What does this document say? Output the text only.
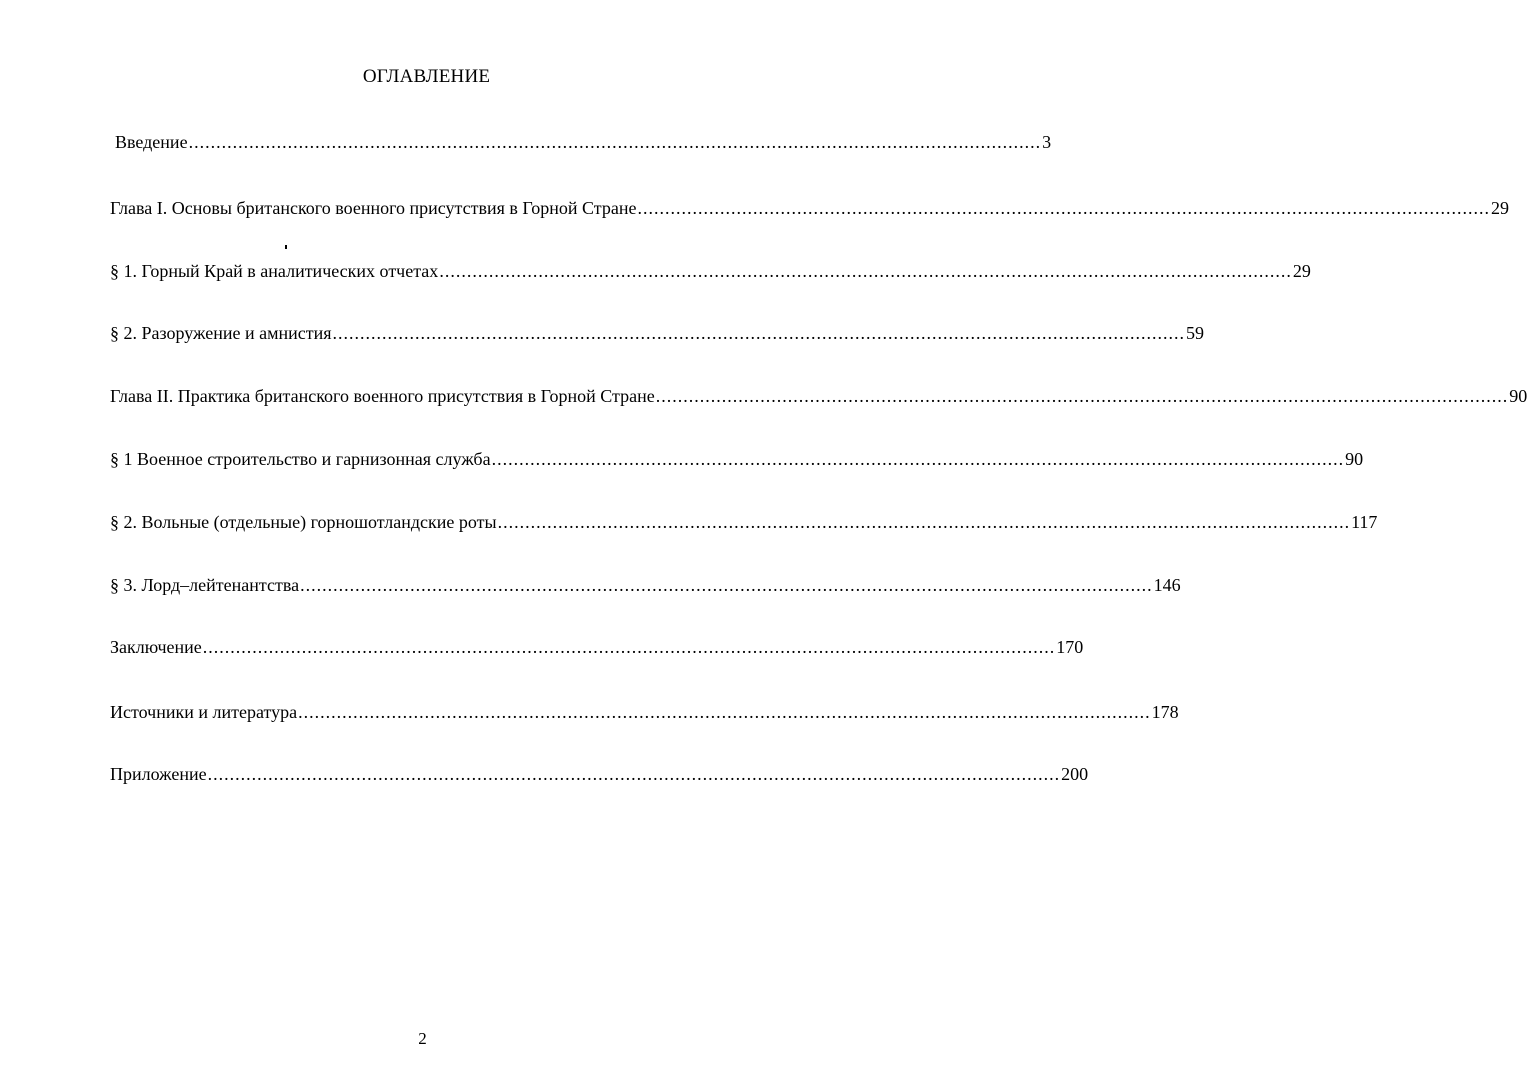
ОГЛАВЛЕНИЕ
Введение ........................................................................................................................................................... 3
Глава I. Основы британского военного присутствия в Горной Стране ........................................................................................................................................................... 29
§ 1. Горный Край в аналитических отчетах ........................................................................................................................................................... 29
§ 2. Разоружение и амнистия ........................................................................................................................................................... 59
Глава II. Практика британского военного присутствия в Горной Стране ........................................................................................................................................................... 90
§ 1 Военное строительство и гарнизонная служба ........................................................................................................................................................... 90
§ 2. Вольные (отдельные) горношотландские роты ........................................................................................................................................................... 117
§ 3. Лорд–лейтенантства ........................................................................................................................................................... 146
Заключение ........................................................................................................................................................... 170
Источники и литература ........................................................................................................................................................... 178
Приложение ........................................................................................................................................................... 200
2
